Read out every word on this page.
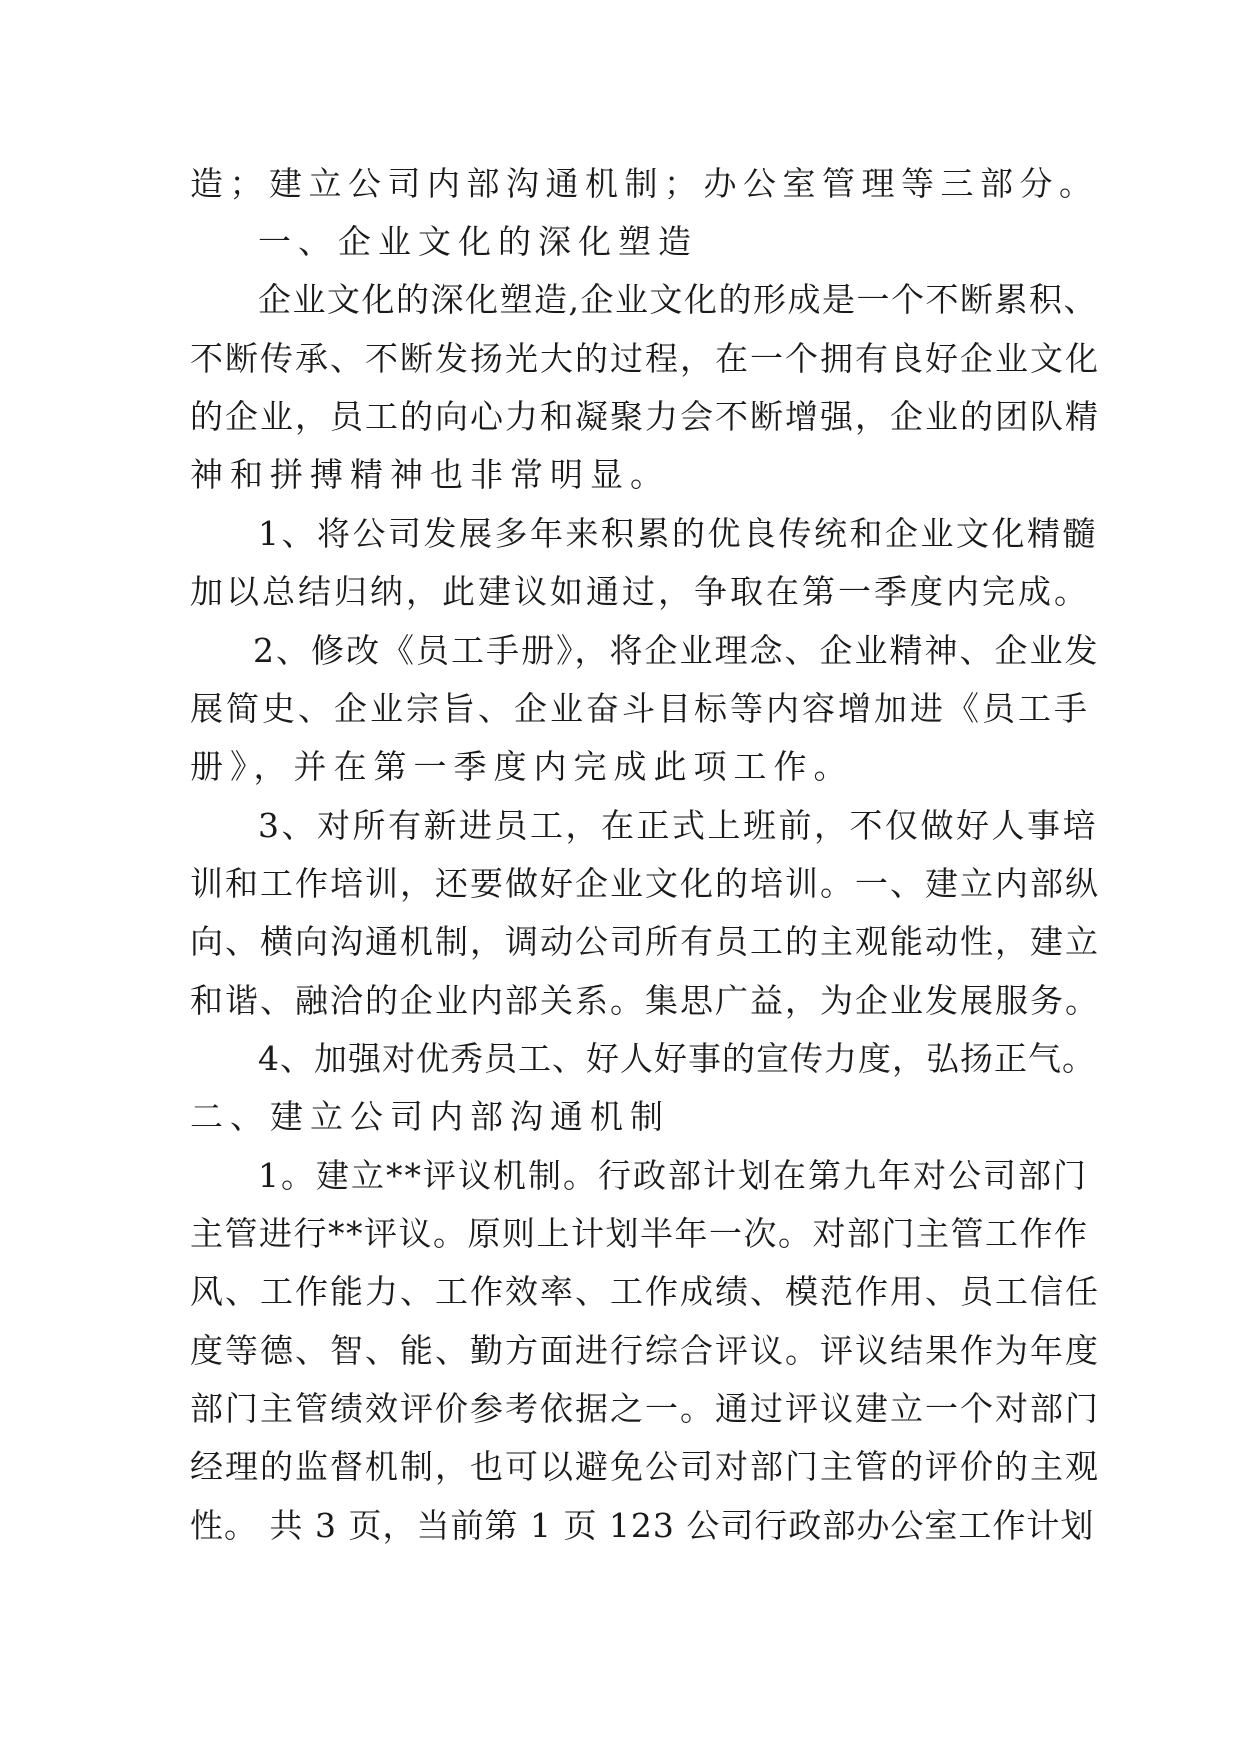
造；建立公司内部沟通机制；办公室管理等三部分。
一、企业文化的深化塑造
企业文化的深化塑造,企业文化的形成是一个不断累积、
不断传承、不断发扬光大的过程，在一个拥有良好企业文化
的企业，员工的向心力和凝聚力会不断增强，企业的团队精
神和拼搏精神也非常明显。
1、将公司发展多年来积累的优良传统和企业文化精髓
加以总结归纳，此建议如通过，争取在第一季度内完成。
2、修改《员工手册》，将企业理念、企业精神、企业发
展简史、企业宗旨、企业奋斗目标等内容增加进《员工手
册》，并在第一季度内完成此项工作。
3、对所有新进员工，在正式上班前，不仅做好人事培
训和工作培训，还要做好企业文化的培训。一、建立内部纵
向、横向沟通机制，调动公司所有员工的主观能动性，建立
和谐、融洽的企业内部关系。集思广益，为企业发展服务。
4、加强对优秀员工、好人好事的宣传力度，弘扬正气。
二、建立公司内部沟通机制
1。建立**评议机制。行政部计划在第九年对公司部门
主管进行**评议。原则上计划半年一次。对部门主管工作作
风、工作能力、工作效率、工作成绩、模范作用、员工信任
度等德、智、能、勤方面进行综合评议。评议结果作为年度
部门主管绩效评价参考依据之一。通过评议建立一个对部门
经理的监督机制，也可以避免公司对部门主管的评价的主观
性。 共 3 页，当前第 1 页 123 公司行政部办公室工作计划
